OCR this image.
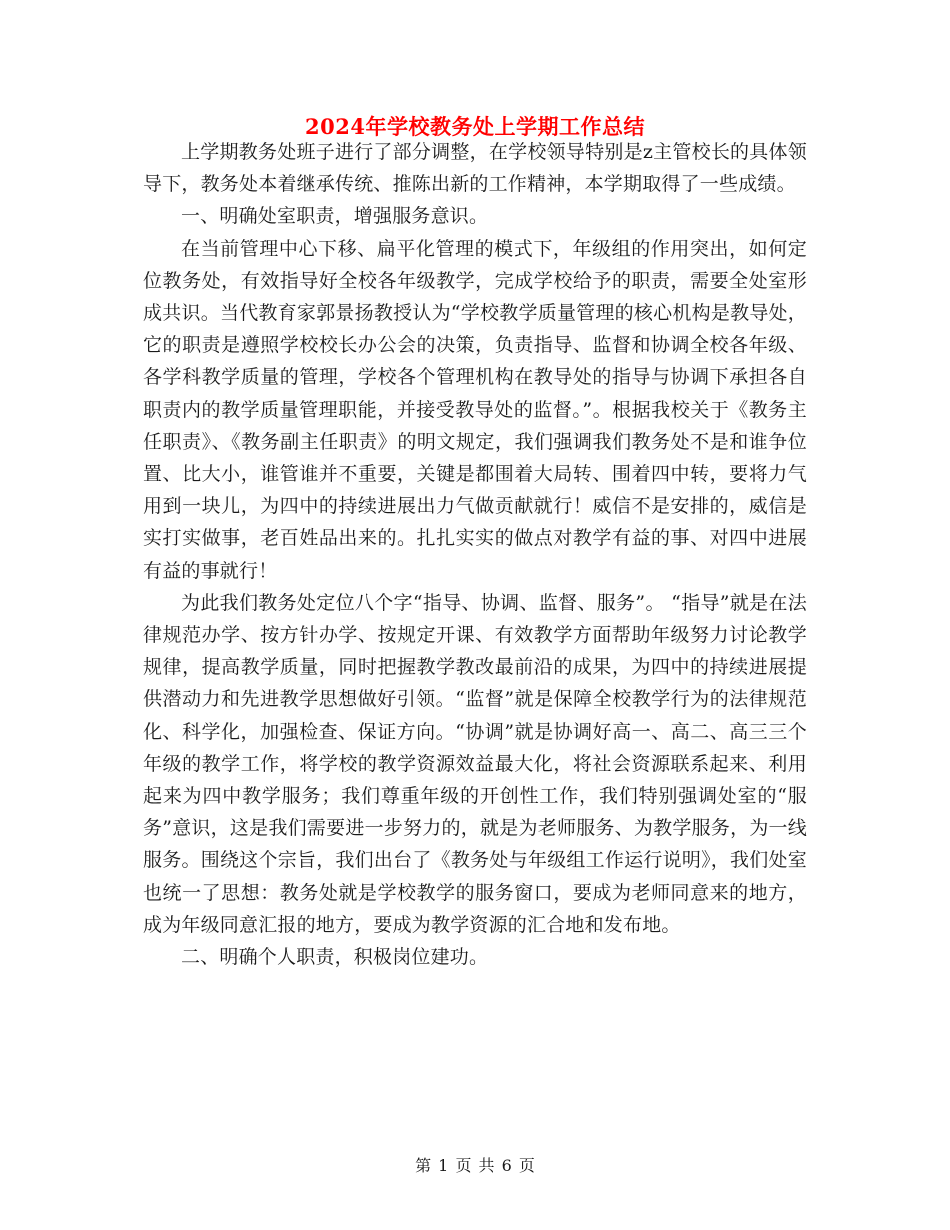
2024年学校教务处上学期工作总结

上学期教务处班子进行了部分调整，在学校领导特别是z主管校长的具体领导下，教务处本着继承传统、推陈出新的工作精神，本学期取得了一些成绩。

一、明确处室职责，增强服务意识。

在当前管理中心下移、扁平化管理的模式下，年级组的作用突出，如何定位教务处，有效指导好全校各年级教学，完成学校给予的职责，需要全处室形成共识。当代教育家郭景扬教授认为“学校教学质量管理的核心机构是教导处，它的职责是遵照学校校长办公会的决策，负责指导、监督和协调全校各年级、各学科教学质量的管理，学校各个管理机构在教导处的指导与协调下承担各自职责内的教学质量管理职能，并接受教导处的监督。”。根据我校关于《教务主任职责》、《教务副主任职责》的明文规定，我们强调我们教务处不是和谁争位置、比大小，谁管谁并不重要，关键是都围着大局转、围着四中转，要将力气用到一块儿，为四中的持续进展出力气做贡献就行！威信不是安排的，威信是实打实做事，老百姓品出来的。扎扎实实的做点对教学有益的事、对四中进展有益的事就行！

为此我们教务处定位八个字“指导、协调、监督、服务”。 “指导”就是在法律规范办学、按方针办学、按规定开课、有效教学方面帮助年级努力讨论教学规律，提高教学质量，同时把握教学教改最前沿的成果，为四中的持续进展提供潜动力和先进教学思想做好引领。“监督”就是保障全校教学行为的法律规范化、科学化，加强检查、保证方向。“协调”就是协调好高一、高二、高三三个年级的教学工作，将学校的教学资源效益最大化，将社会资源联系起来、利用起来为四中教学服务；我们尊重年级的开创性工作，我们特别强调处室的“服务”意识，这是我们需要进一步努力的，就是为老师服务、为教学服务，为一线服务。围绕这个宗旨，我们出台了《教务处与年级组工作运行说明》，我们处室也统一了思想：教务处就是学校教学的服务窗口，要成为老师同意来的地方，成为年级同意汇报的地方，要成为教学资源的汇合地和发布地。

二、明确个人职责，积极岗位建功。

第 1 页 共 6 页
